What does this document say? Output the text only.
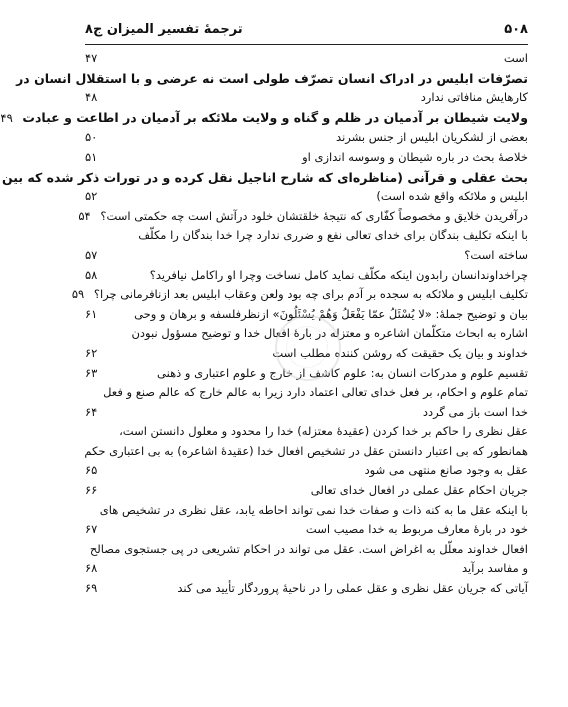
۵۰۸
ترجمهٔ تفسیر المیزان ج۸
است
۴۷
تصرّفات ابلیس در ادراک انسان تصرّف طولی است نه عرضی و با استقلال انسان در
کارهایش منافاتی ندارد
۴۸
ولایت شیطان بر آدمیان در ظلم و گناه و ولایت ملائکه بر آدمیان در اطاعت و عبادت
۴۹
بعضی از لشکریان ابلیس از جنس بشرند
۵۰
خلاصهٔ بحث در باره شیطان و وسوسه اندازی او
۵۱
بحث عقلی و قرآنی (مناظره‌ای که شارح اناجیل نقل کرده و در تورات ذکر شده که بین
ابلیس و ملائکه واقع شده است)
۵۲
درآفریدن خلایق و مخصوصاً کفّاری که نتیجهٔ خلقتشان خلود درآتش است چه حکمتی است؟
۵۴
با اینکه تکلیف بندگان برای خدای تعالی نفع و ضرری ندارد چرا خدا بندگان را مکلّف
ساخته است؟
۵۷
چراخداوندانسان رابدون اینکه مکلّف نماید کامل نساخت وچرا او راکامل نیافرید؟
۵۸
تکلیف ابلیس و ملائکه به سجده بر آدم برای چه بود ولعن وعقاب ابلیس بعد ازنافرمانی چرا؟
۵۹
بیان و توضیح جملهٔ: «لا یُسْئَلُ عمّا یَفْعَلُ وَهُمْ یُسْئَلُونَ» ازنظرفلسفه و برهان و وحی
۶۱
اشاره به ابحاث متکلّمان اشاعره و معتزله در بارهٔ افعال خدا و توضیح مسؤول نبودن
خداوند و بیان یک حقیقت که روشن کننده مطلب است
۶۲
تقسیم علوم و مدرکات انسان به: علوم کاشف از خارج و علوم اعتباری و ذهنی
۶۳
تمام علوم و احکام، بر فعل خدای تعالی اعتماد دارد زیرا به عالم خارج که عالم صنع و فعل
خدا است باز می گردد
۶۴
عقل نظری را حاکم بر خدا کردن (عقیدهٔ معتزله) خدا را محدود و معلول دانستن است،
همانطور که بی اعتبار دانستن عقل در تشخیص افعال خدا (عقیدهٔ اشاعره) به بی اعتباری حکم
عقل به وجود صانع منتهی می شود
۶۵
جریان احکام عقل عملی در افعال خدای تعالی
۶۶
با اینکه عقل ما به کنه ذات و صفات خدا نمی تواند احاطه یابد، عقل نظری در تشخیص های
خود در بارهٔ معارف مربوط به خدا مصیب است
۶۷
افعال خداوند معلّل به اغراض است. عقل می تواند در احکام تشریعی در پی جستجوی مصالح
و مفاسد برآید
۶۸
آیاتی که جریان عقل نظری و عقل عملی را در ناحیهٔ پروردگار تأیید می کند
۶۹
